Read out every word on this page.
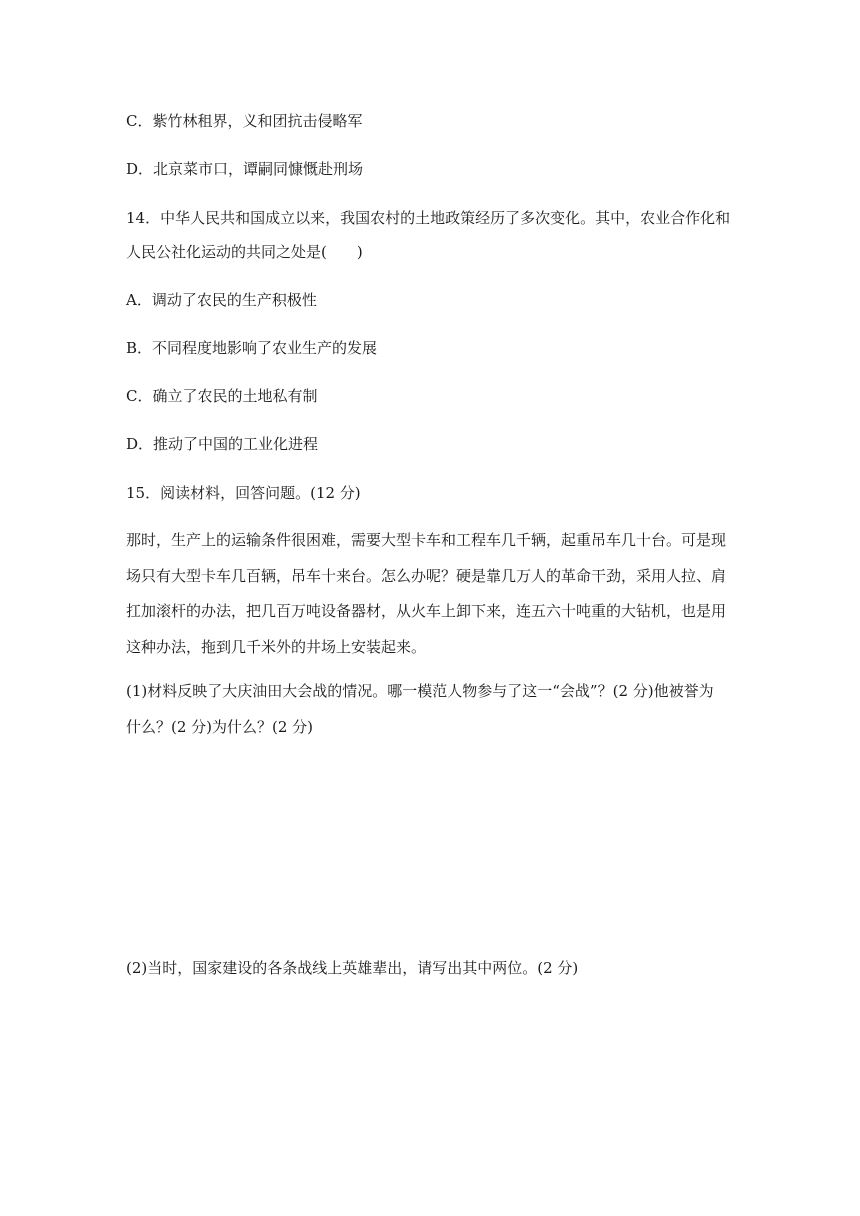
C．紫竹林租界，义和团抗击侵略军
D．北京菜市口，谭嗣同慷慨赴刑场
14．中华人民共和国成立以来，我国农村的土地政策经历了多次变化。其中，农业合作化和
人民公社化运动的共同之处是(　　)
A．调动了农民的生产积极性
B．不同程度地影响了农业生产的发展
C．确立了农民的土地私有制
D．推动了中国的工业化进程
15．阅读材料，回答问题。(12 分)
那时，生产上的运输条件很困难，需要大型卡车和工程车几千辆，起重吊车几十台。可是现
场只有大型卡车几百辆，吊车十来台。怎么办呢？硬是靠几万人的革命干劲，采用人拉、肩
扛加滚杆的办法，把几百万吨设备器材，从火车上卸下来，连五六十吨重的大钻机，也是用
这种办法，拖到几千米外的井场上安装起来。
(1)材料反映了大庆油田大会战的情况。哪一模范人物参与了这一“会战”？(2 分)他被誉为
什么？(2 分)为什么？(2 分)
(2)当时，国家建设的各条战线上英雄辈出，请写出其中两位。(2 分)
